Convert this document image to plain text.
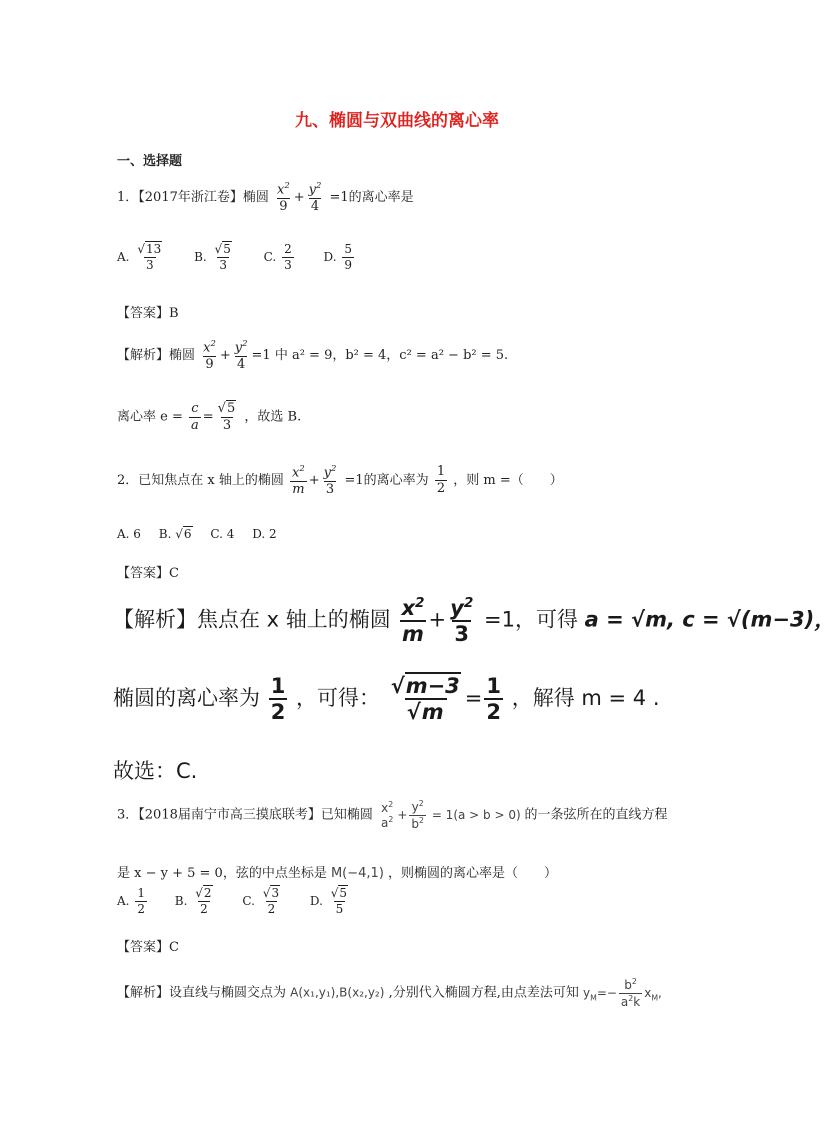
九、椭圆与双曲线的离心率
一、选择题
1．【2017年浙江卷】椭圆 $\frac{x^2}{9} + \frac{y^2}{4} =1$的离心率是
A. $\frac{√13}{3} B$. $\frac{√5}{3} C$. $\frac{2}{3} D$. $\frac{5}{9}$
【答案】B
【解析】椭圆 $\frac{x^2}{9} + \frac{y^2}{4} =1$ 中 a² = 9，b² = 4，c² = a² − b² = 5.
离心率 $e = \frac{c}{a} = \frac{√5}{3}$ ，故选 B.
2．已知焦点在 x 轴上的椭圆 $\frac{x^2}{m} + \frac{y^2}{3} =1$的离心率为 $\frac{1}{2}$ ，则 m =（　　）
A. 6 B. √6 C. 4 D. 2
【答案】C
【解析】焦点在 x 轴上的椭圆 $\frac{x^2}{m} + \frac{y^2}{3} =1$，可得 a = √m, c = √(m−3)，
椭圆的离心率为 $\frac{1}{2}$ ，可得： $\frac{√m-3}{√m} = \frac{1}{2}$ ，解得 m = 4 .
故选：C.
3．【2018届南宁市高三摸底联考】已知椭圆
$x^2$
$a^2 + \frac{y^2}{b^2} = 1(a > b > 0)$ 的一条弦所在的直线方程
是 x − y + 5 = 0，弦的中点坐标是 M(−4,1) ，则椭圆的离心率是（　　）
A. $\frac{1}{2} B$. $\frac{√2}{2} C$. $\frac{√3}{2} D$. $\frac{√5}{5}$
【答案】C
【解析】设直线与椭圆交点为 A(x₁,y₁),B(x₂,y₂) ,分别代入椭圆方程,由点差法可知 $y_M=- \frac{b^2}{a^2k} x_M$,
